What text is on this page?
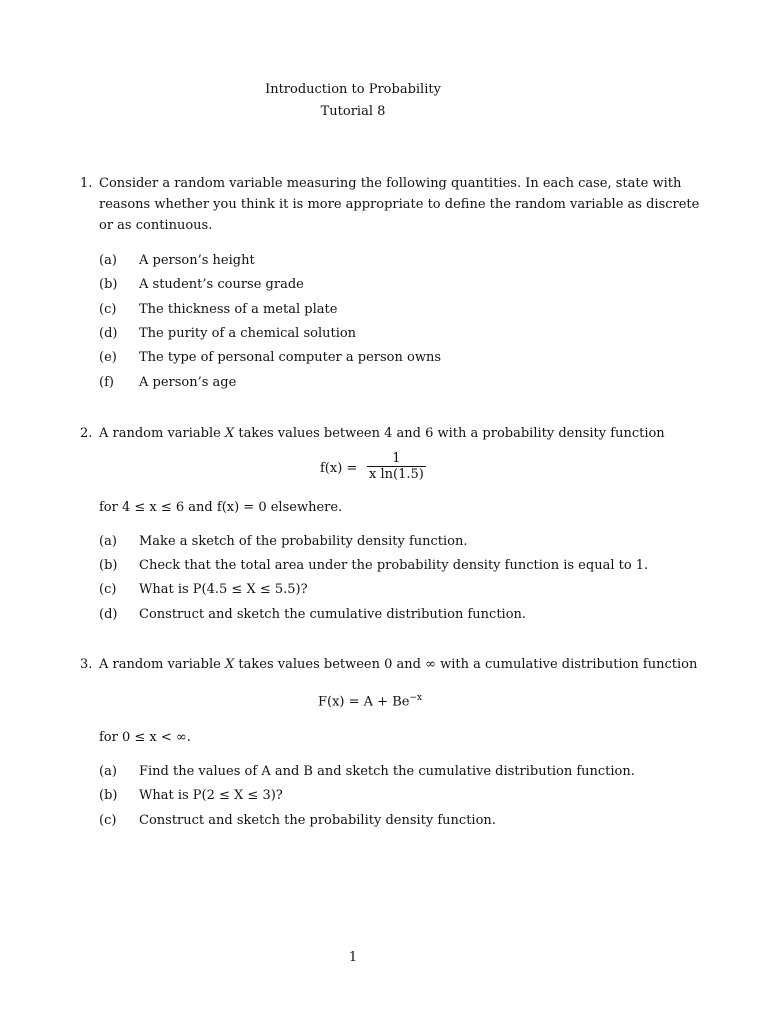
Introduction to Probability
Tutorial 8
1. Consider a random variable measuring the following quantities. In each case, state with
reasons whether you think it is more appropriate to define the random variable as discrete
or as continuous.
(a) A person’s height
(b) A student’s course grade
(c) The thickness of a metal plate
(d) The purity of a chemical solution
(e) The type of personal computer a person owns
(f) A person’s age
2. A random variable X takes values between 4 and 6 with a probability density function
$f(x) = \frac{1}{\text{x ln(1.5)}}$
for 4 ≤ x ≤ 6 and f(x) = 0 elsewhere.
(a) Make a sketch of the probability density function.
(b) Check that the total area under the probability density function is equal to 1.
(c) What is P(4.5 ≤ X ≤ 5.5)?
(d) Construct and sketch the cumulative distribution function.
3. A random variable X takes values between 0 and ∞ with a cumulative distribution function
$F(x) = A + Be^{-x}$
for 0 ≤ x < ∞.
(a) Find the values of A and B and sketch the cumulative distribution function.
(b) What is P(2 ≤ X ≤ 3)?
(c) Construct and sketch the probability density function.
1
